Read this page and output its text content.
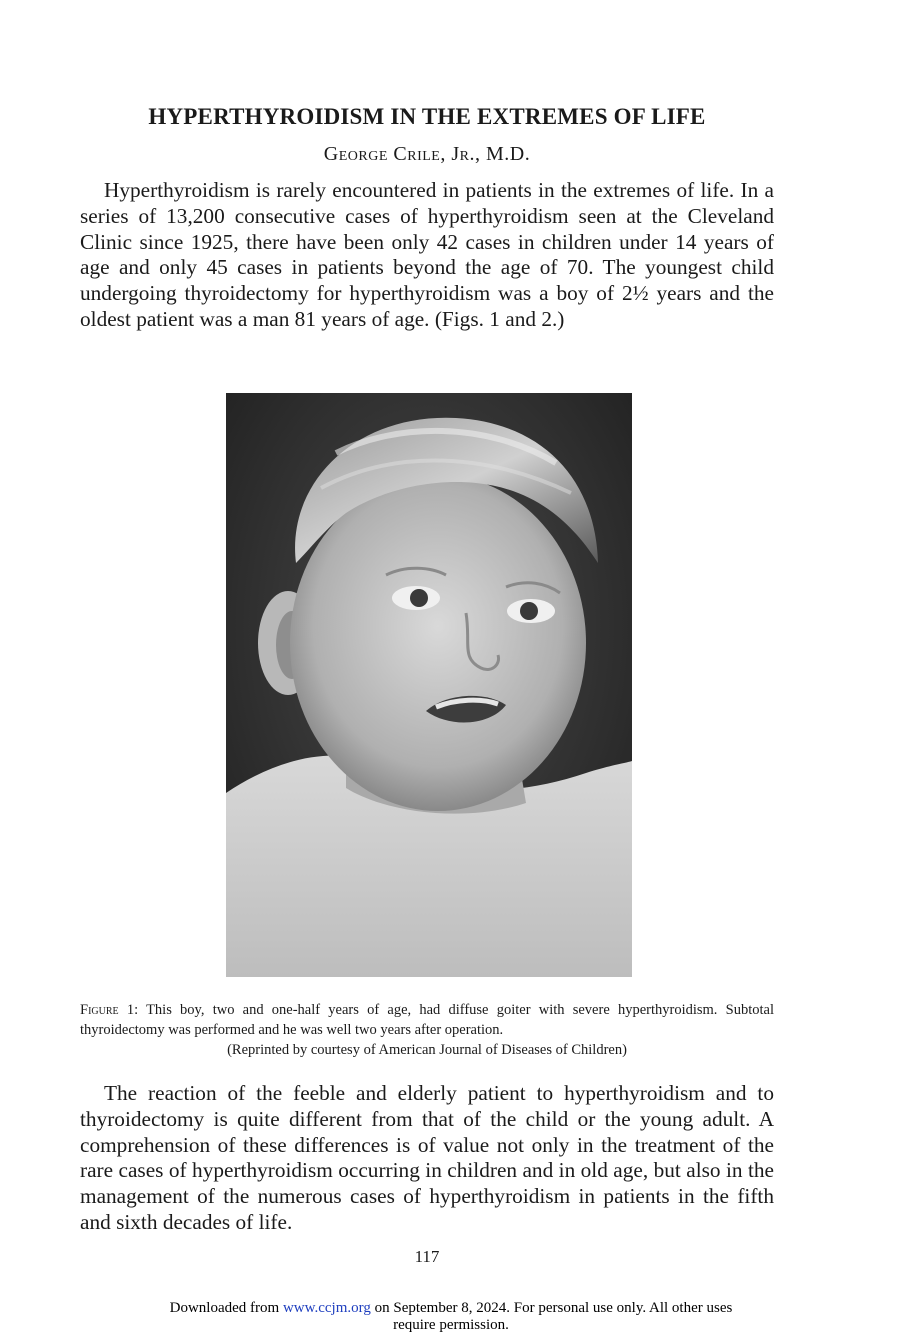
HYPERTHYROIDISM IN THE EXTREMES OF LIFE
George Crile, Jr., M.D.

Hyperthyroidism is rarely encountered in patients in the extremes of life. In a series of 13,200 consecutive cases of hyperthyroidism seen at the Cleveland Clinic since 1925, there have been only 42 cases in children under 14 years of age and only 45 cases in patients beyond the age of 70. The youngest child undergoing thyroidectomy for hyperthyroidism was a boy of 2½ years and the oldest patient was a man 81 years of age. (Figs. 1 and 2.)

Figure 1: This boy, two and one-half years of age, had diffuse goiter with severe hyperthyroidism. Subtotal thyroidectomy was performed and he was well two years after operation.
(Reprinted by courtesy of American Journal of Diseases of Children)

The reaction of the feeble and elderly patient to hyperthyroidism and to thyroidectomy is quite different from that of the child or the young adult. A comprehension of these differences is of value not only in the treatment of the rare cases of hyperthyroidism occurring in children and in old age, but also in the management of the numerous cases of hyperthyroidism in patients in the fifth and sixth decades of life.

117
Downloaded from www.ccjm.org on September 8, 2024. For personal use only. All other uses require permission.
